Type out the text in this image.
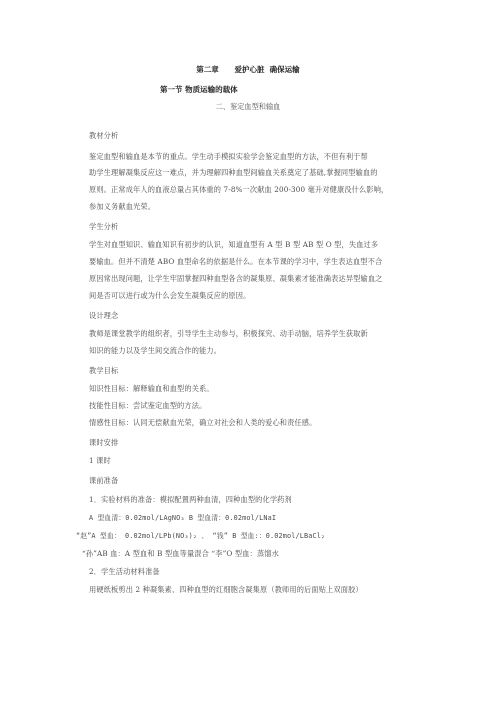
第二章      爱护心脏  确保运输
第一节 物质运输的载体
二、鉴定血型和输血
教材分析
鉴定血型和输血是本节的重点。学生动手模拟实验学会鉴定血型的方法，不但有利于帮
助学生理解凝集反应这一难点，并为理解四种血型间输血关系奠定了基础,掌握同型输血的
原则。正常成年人的血液总量占其体重的 7-8%一次献血 200-300 毫升对健康没什么影响，
参加义务献血光荣。
学生分析
学生对血型知识、输血知识有初步的认识，知道血型有 A 型 B 型 AB 型 O 型，失血过多
要输血。但并不清楚 ABO 血型命名的依据是什么。在本节课的学习中，学生表达血型不合
原因常出现问题，让学生牢固掌握四种血型各含的凝集原、凝集素才能准确表达异型输血之
间是否可以进行或为什么会发生凝集反应的原因。
设计理念
教师是课堂教学的组织者，引导学生主动参与，积极探究、动手动脑，培养学生获取新
知识的能力以及学生间交流合作的能力。
教学目标
知识性目标：解释输血和血型的关系。
技能性目标：尝试鉴定血型的方法。
情感性目标：认同无偿献血光荣，确立对社会和人类的爱心和责任感。
课时安排
1 课时
课前准备
1．实验材料的准备：模拟配置两种血清，四种血型的化学药剂
A 型血清：0.02mol/LAgNO₃ B 型血清：0.02mol/LNaI
“赵”A 型血： 0.02mol/LPb(NO₃)₂ 、 “钱” B 型血:：0.02mol/LBaCl₂
“孙”AB 血：A 型血和 B 型血等量混合 “李”O 型血：蒸馏水
2．学生活动材料准备
用硬纸板剪出 2 种凝集素、四种血型的红细胞含凝集原（教师用的后面贴上双面胶）
